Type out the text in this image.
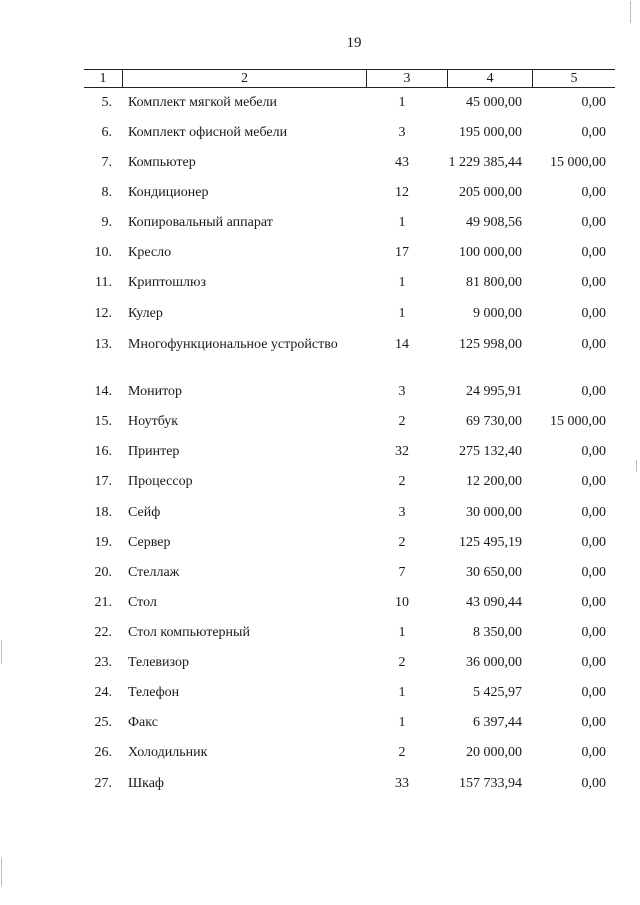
19
1	2	3	4	5
5. Комплект мягкой мебели	1	45 000,00	0,00
6. Комплект офисной мебели	3	195 000,00	0,00
7. Компьютер	43	1 229 385,44	15 000,00
8. Кондиционер	12	205 000,00	0,00
9. Копировальный аппарат	1	49 908,56	0,00
10. Кресло	17	100 000,00	0,00
11. Криптошлюз	1	81 800,00	0,00
12. Кулер	1	9 000,00	0,00
13. Многофункциональное устройство	14	125 998,00	0,00
14. Монитор	3	24 995,91	0,00
15. Ноутбук	2	69 730,00	15 000,00
16. Принтер	32	275 132,40	0,00
17. Процессор	2	12 200,00	0,00
18. Сейф	3	30 000,00	0,00
19. Сервер	2	125 495,19	0,00
20. Стеллаж	7	30 650,00	0,00
21. Стол	10	43 090,44	0,00
22. Стол компьютерный	1	8 350,00	0,00
23. Телевизор	2	36 000,00	0,00
24. Телефон	1	5 425,97	0,00
25. Факс	1	6 397,44	0,00
26. Холодильник	2	20 000,00	0,00
27. Шкаф	33	157 733,94	0,00
